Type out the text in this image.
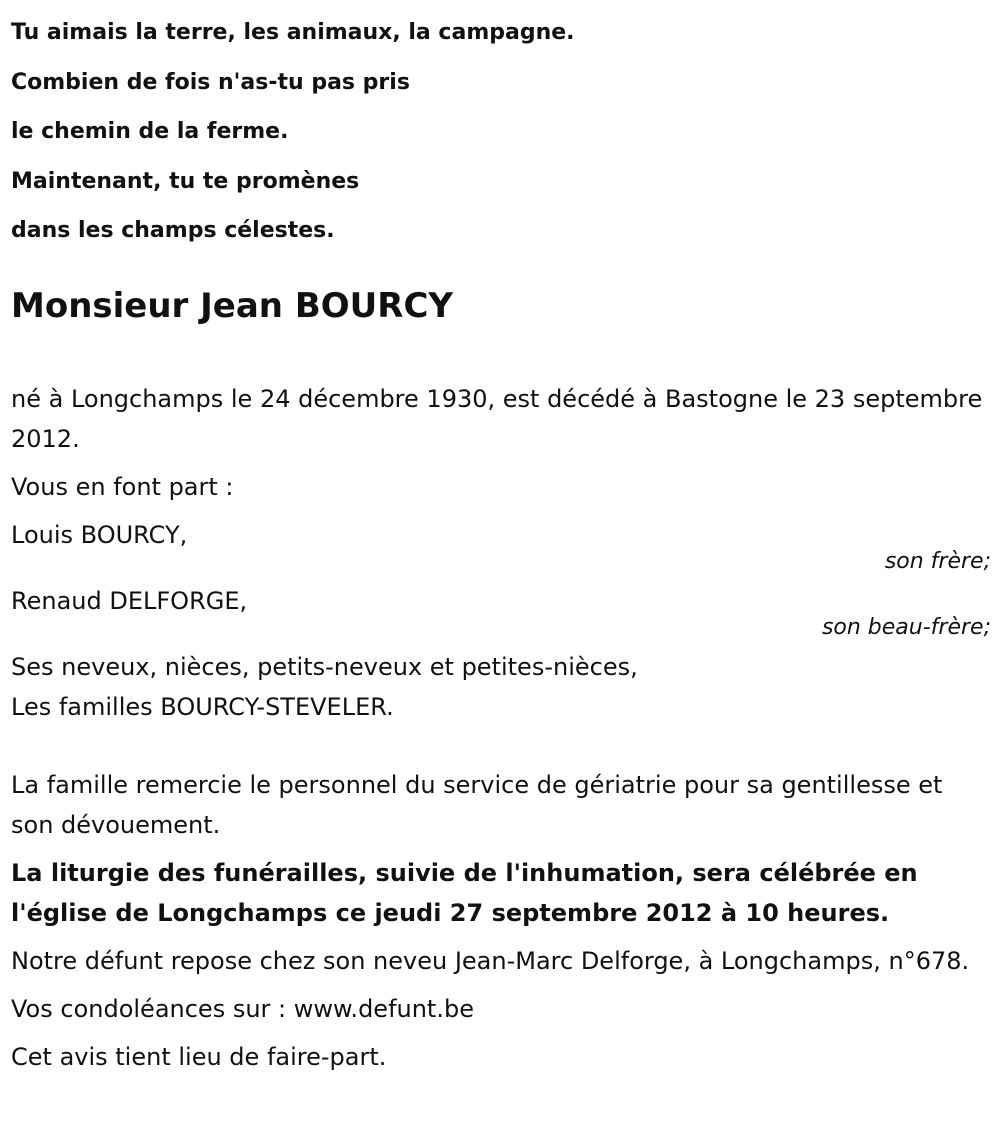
Tu aimais la terre, les animaux, la campagne.
Combien de fois n'as-tu pas pris
le chemin de la ferme.
Maintenant, tu te promènes
dans les champs célestes.
Monsieur Jean BOURCY

né à Longchamps le 24 décembre 1930, est décédé à Bastogne le 23 septembre 2012.

Vous en font part :

Louis BOURCY,

son frère;

Renaud DELFORGE,

son beau-frère;

Ses neveux, nièces, petits-neveux et petites-nièces,

Les familles BOURCY-STEVELER.

La famille remercie le personnel du service de gériatrie pour sa gentillesse et son dévouement.

La liturgie des funérailles, suivie de l'inhumation, sera célébrée en l'église de Longchamps ce jeudi 27 septembre 2012 à 10 heures.

Notre défunt repose chez son neveu Jean-Marc Delforge, à Longchamps, n°678.

Vos condoléances sur : www.defunt.be

Cet avis tient lieu de faire-part.
